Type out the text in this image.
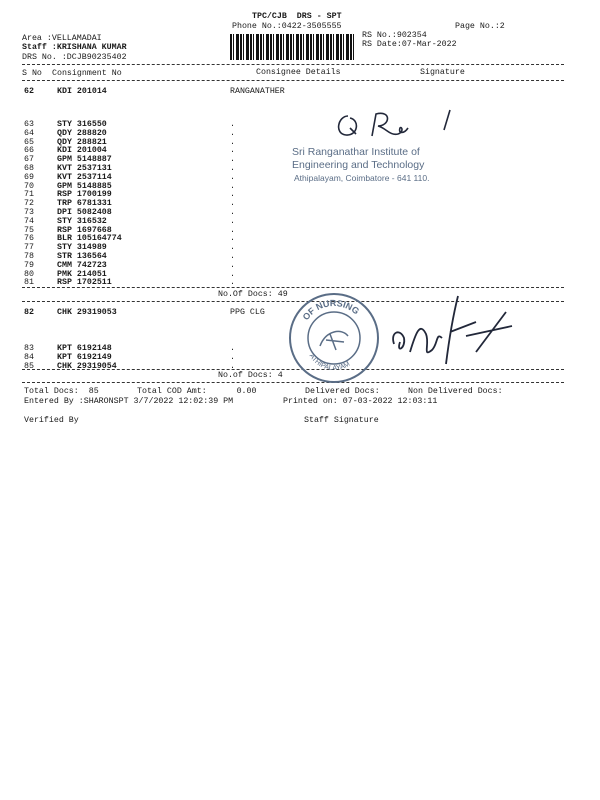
TPC/CJB  DRS - SPT
Phone No.:0422-3505555	Page No.:2
Area :VELLAMADAI	RS No.:902354
Staff :KRISHANA KUMAR	RS Date:07-Mar-2022
DRS No. :DCJB90235402
S No Consignment No	Consignee Details	Signature
62	KDI 201014	RANGANATHER
63	STY 316550	.
64	QDY 288820	.
65	QDY 288821	.
66	KDI 201004	.
67	GPM 5148887	.
68	KVT 2537131	.
69	KVT 2537114	.
70	GPM 5148885	.
71	RSP 1700199	.
72	TRP 6781331	.
73	DPI 5082408	.
74	STY 316532	.
75	RSP 1697668	.
76	BLR 105164774	.
77	STY 314989	.
78	STR 136564	.
79	CMM 742723	.
80	PMK 214051	.
81	RSP 1702511	.
No.Of Docs: 49
82	CHK 29319053	PPG CLG
83	KPT 6192148	.
84	KPT 6192149	.
85	CHK 29319054	.
No.of Docs: 4
Total Docs:  85	Total COD Amt:      0.00	Delivered Docs:	Non Delivered Docs:
Entered By :SHARONSPT 3/7/2022 12:02:39 PM	Printed on: 07-03-2022 12:03:11
Verified By	Staff Signature
Sri Ranganathar Institute of
Engineering and Technology
Athipalayam, Coimbatore - 641 110.
OF NURSING
ATHIPALAYAM
